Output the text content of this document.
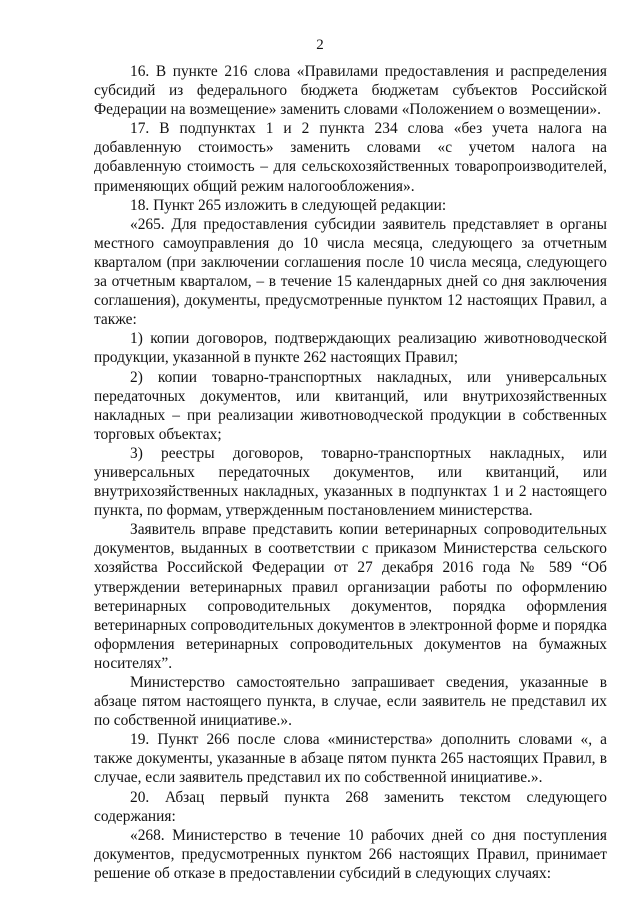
2

16. В пункте 216 слова «Правилами предоставления и распределения субсидий из федерального бюджета бюджетам субъектов Российской Федерации на возмещение» заменить словами «Положением о возмещении».

17. В подпунктах 1 и 2 пункта 234 слова «без учета налога на добавленную стоимость» заменить словами «с учетом налога на добавленную стоимость – для сельскохозяйственных товаропроизводителей, применяющих общий режим налогообложения».

18. Пункт 265 изложить в следующей редакции:

«265. Для предоставления субсидии заявитель представляет в органы местного самоуправления до 10 числа месяца, следующего за отчетным кварталом (при заключении соглашения после 10 числа месяца, следующего за отчетным кварталом, – в течение 15 календарных дней со дня заключения соглашения), документы, предусмотренные пунктом 12 настоящих Правил, а также:

1) копии договоров, подтверждающих реализацию животноводческой продукции, указанной в пункте 262 настоящих Правил;

2) копии товарно-транспортных накладных, или универсальных передаточных документов, или квитанций, или внутрихозяйственных накладных – при реализации животноводческой продукции в собственных торговых объектах;

3) реестры договоров, товарно-транспортных накладных, или универсальных передаточных документов, или квитанций, или внутрихозяйственных накладных, указанных в подпунктах 1 и 2 настоящего пункта, по формам, утвержденным постановлением министерства.

Заявитель вправе представить копии ветеринарных сопроводительных документов, выданных в соответствии с приказом Министерства сельского хозяйства Российской Федерации от 27 декабря 2016 года № 589 “Об утверждении ветеринарных правил организации работы по оформлению ветеринарных сопроводительных документов, порядка оформления ветеринарных сопроводительных документов в электронной форме и порядка оформления ветеринарных сопроводительных документов на бумажных носителях”.

Министерство самостоятельно запрашивает сведения, указанные в абзаце пятом настоящего пункта, в случае, если заявитель не представил их по собственной инициативе.».

19. Пункт 266 после слова «министерства» дополнить словами «, а также документы, указанные в абзаце пятом пункта 265 настоящих Правил, в случае, если заявитель представил их по собственной инициативе.».

20. Абзац первый пункта 268 заменить текстом следующего содержания:

«268. Министерство в течение 10 рабочих дней со дня поступления документов, предусмотренных пунктом 266 настоящих Правил, принимает решение об отказе в предоставлении субсидий в следующих случаях:
